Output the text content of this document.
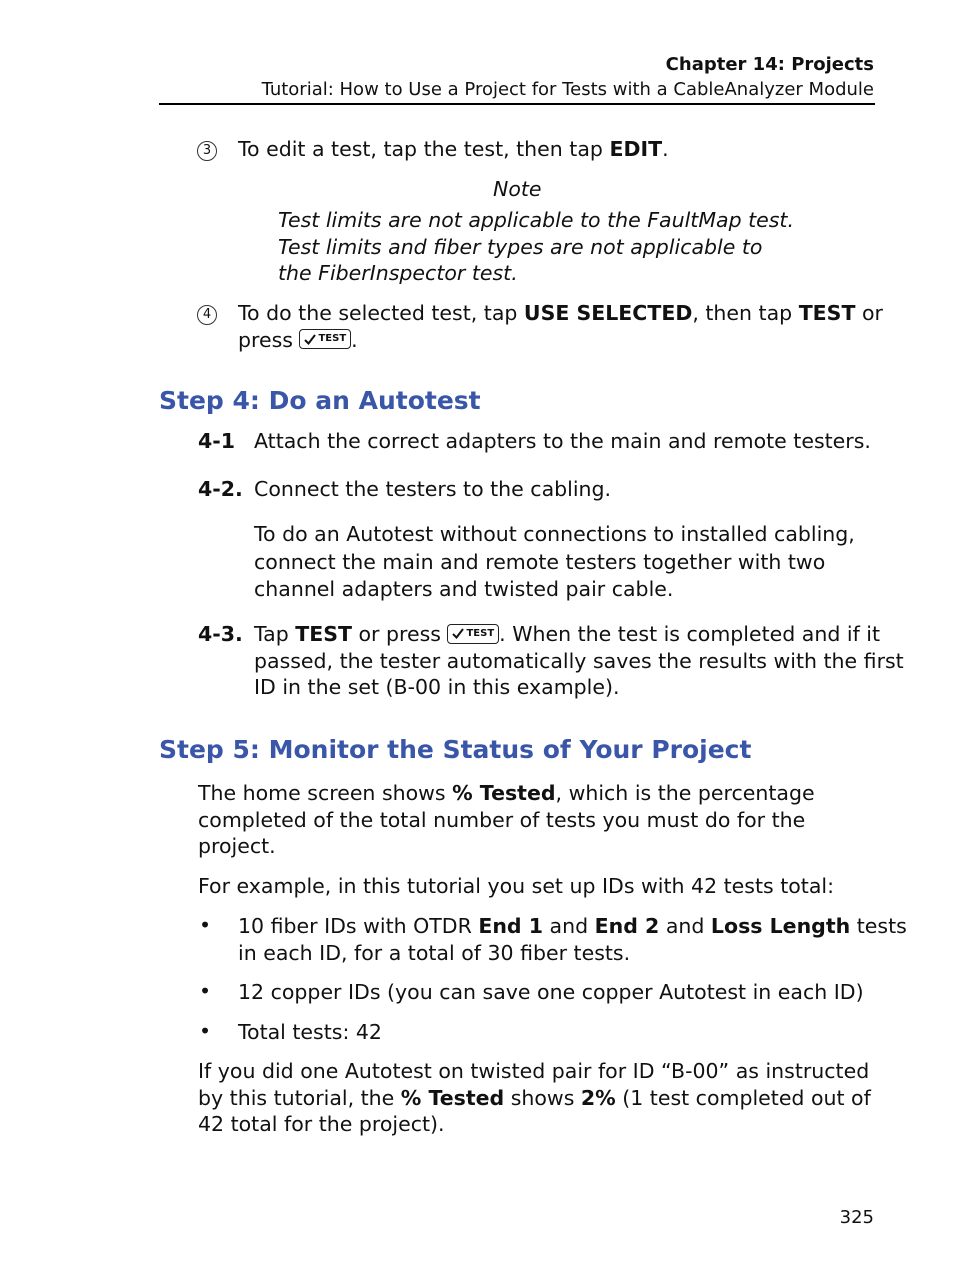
Chapter 14: Projects
Tutorial: How to Use a Project for Tests with a CableAnalyzer Module
3 To edit a test, tap the test, then tap EDIT.
Note
Test limits are not applicable to the FaultMap test.
Test limits and fiber types are not applicable to
the FiberInspector test.
4 To do the selected test, tap USE SELECTED, then tap TEST or
press TEST .
Step 4: Do an Autotest
4-1 Attach the correct adapters to the main and remote testers.
4-2. Connect the testers to the cabling.
To do an Autotest without connections to installed cabling,
connect the main and remote testers together with two
channel adapters and twisted pair cable.
4-3. Tap TEST or press TEST . When the test is completed and if it
passed, the tester automatically saves the results with the first
ID in the set (B-00 in this example).
Step 5: Monitor the Status of Your Project
The home screen shows % Tested, which is the percentage
completed of the total number of tests you must do for the
project.
For example, in this tutorial you set up IDs with 42 tests total:
• 10 fiber IDs with OTDR End 1 and End 2 and Loss Length tests
in each ID, for a total of 30 fiber tests.
• 12 copper IDs (you can save one copper Autotest in each ID)
• Total tests: 42
If you did one Autotest on twisted pair for ID “B-00” as instructed
by this tutorial, the % Tested shows 2% (1 test completed out of
42 total for the project).
325
